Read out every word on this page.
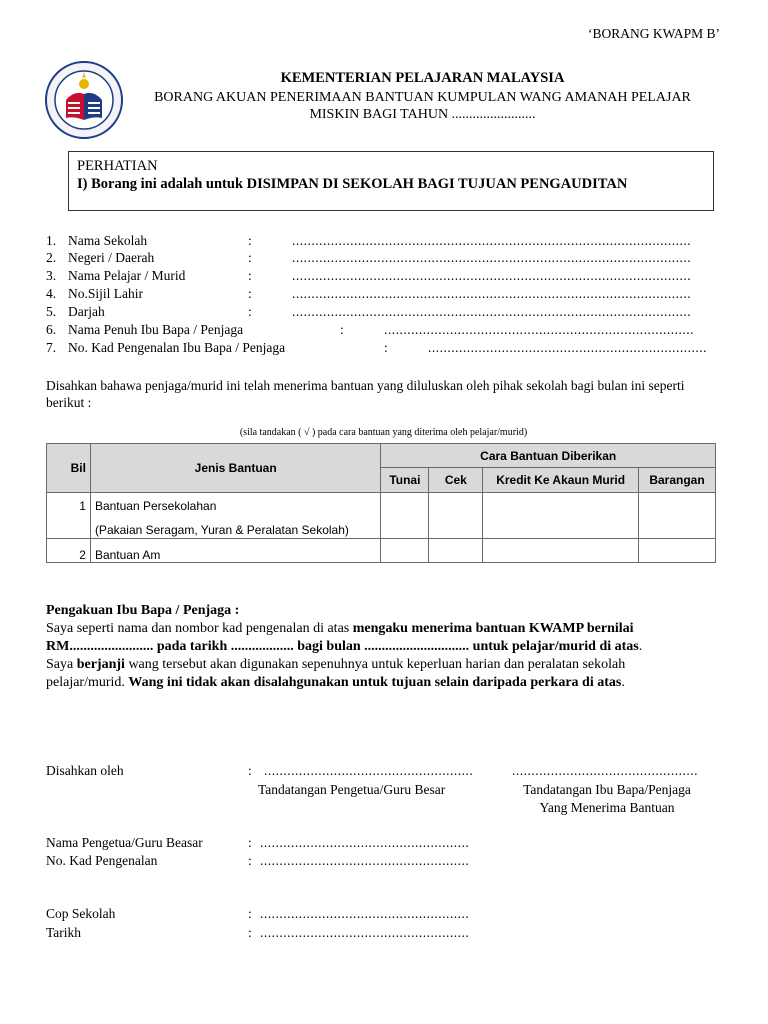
‘BORANG KWAPM B’
KEMENTERIAN PELAJARAN MALAYSIA
BORANG AKUAN PENERIMAAN BANTUAN KUMPULAN WANG AMANAH PELAJAR
MISKIN BAGI TAHUN ........................
PERHATIAN
I) Borang ini adalah untuk DISIMPAN DI SEKOLAH BAGI TUJUAN PENGAUDITAN
1. Nama Sekolah	:	.......................................................................................................
2. Negeri / Daerah	:	.......................................................................................................
3. Nama Pelajar / Murid	:	.......................................................................................................
4. No.Sijil Lahir	:	.......................................................................................................
5. Darjah	:	.......................................................................................................
6. Nama Penuh Ibu Bapa / Penjaga	:	................................................................................
7. No. Kad Pengenalan Ibu Bapa / Penjaga	:	........................................................................
Disahkan bahawa penjaga/murid ini telah menerima bantuan yang diluluskan oleh pihak sekolah bagi bulan ini seperti berikut :
(sila tandakan ( √ ) pada cara bantuan yang diterima oleh pelajar/murid)
Bil	Jenis Bantuan	Cara Bantuan Diberikan			
		Tunai	Cek	Kredit Ke Akaun Murid	Barangan
1	Bantuan Persekolahan
(Pakaian Seragam, Yuran & Peralatan Sekolah)				

2	Bantuan Am				

Pengakuan Ibu Bapa / Penjaga :

Saya seperti nama dan nombor kad pengenalan di atas mengaku menerima bantuan KWAMP bernilai

RM........................ pada tarikh .................. bagi bulan .............................. untuk pelajar/murid di atas.

Saya berjanji wang tersebut akan digunakan sepenuhnya untuk keperluan harian dan peralatan sekolah

pelajar/murid. Wang ini tidak akan disalahgunakan untuk tujuan selain daripada perkara di atas.

Disahkan oleh	: ......................................................	................................................
Tandatangan Pengetua/Guru Besar	Tandatangan Ibu Bapa/Penjaga
Yang Menerima Bantuan
Nama Pengetua/Guru Beasar	: ......................................................
No. Kad Pengenalan	: ......................................................
Cop Sekolah	: ......................................................
Tarikh	: ......................................................
